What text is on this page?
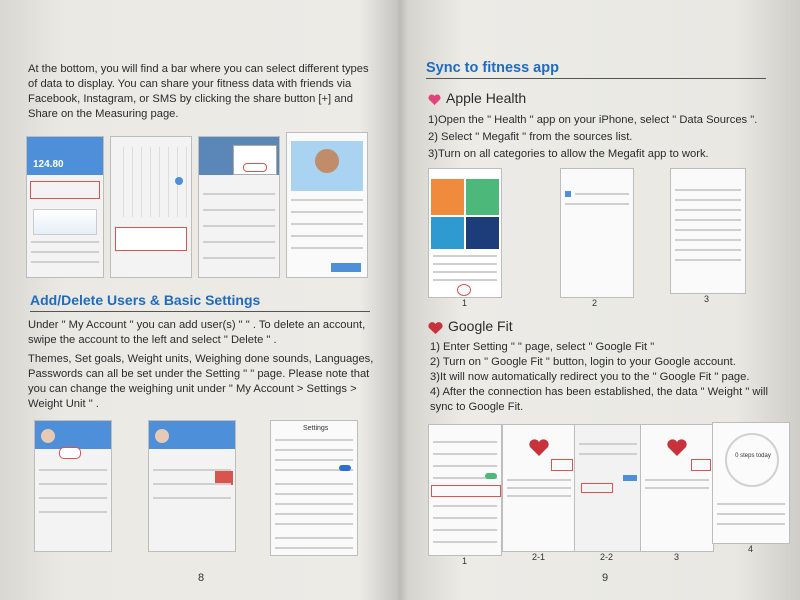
At the bottom, you will find a bar where you can select different types of data to display. You can share your fitness data with friends via Facebook, Instagram, or SMS by clicking the share button [+] and Share on the Measuring page.
124.80
Add/Delete Users & Basic Settings
Under " My Account " you can add user(s) " " . To delete an account, swipe the account to the left and select " Delete " .
Themes, Set goals, Weight units, Weighing done sounds, Languages, Passwords can all be set under the Setting " " page. Please note that you can change the weighing unit under " My Account > Settings > Weight Unit " .
Settings
8
Sync to fitness app
Apple Health
1)Open the " Health " app on your iPhone, select " Data Sources ".
2) Select " Megafit " from the sources list.
3)Turn on all categories to allow the Megafit app to work.
1	2	3
Google Fit
1) Enter Setting " " page, select " Google Fit "
2) Turn on " Google Fit " button, login to your Google account.
3)It will now automatically redirect you to the " Google Fit " page.
4) After the connection has been established, the data " Weight " will sync to Google Fit.
1	2-1	2-2	3
0 steps today
4
9
